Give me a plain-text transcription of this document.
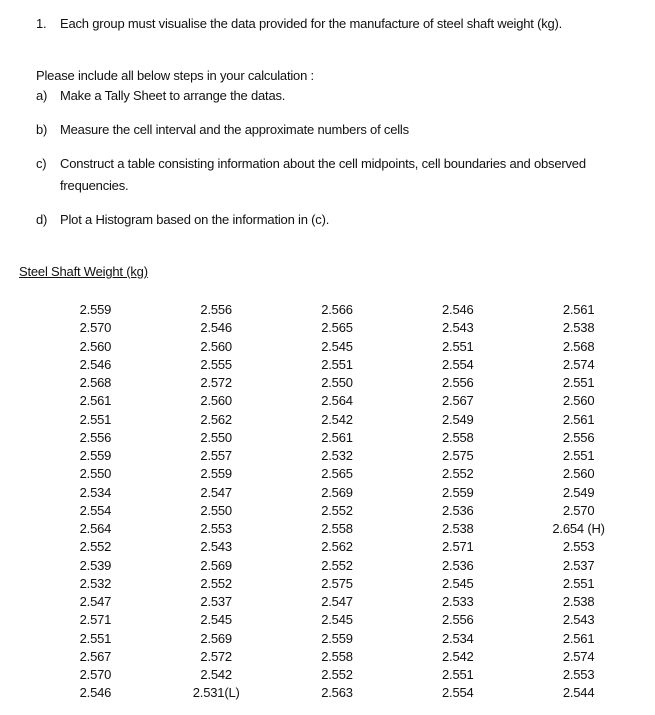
1. Each group must visualise the data provided for the manufacture of steel shaft weight (kg).
Please include all below steps in your calculation :
a) Make a Tally Sheet to arrange the datas.
b) Measure the cell interval and the approximate numbers of cells
c) Construct a table consisting information about the cell midpoints, cell boundaries and observed
frequencies.
d) Plot a Histogram based on the information in (c).
Steel Shaft Weight (kg)
2.559	2.556	2.566	2.546	2.561
2.570	2.546	2.565	2.543	2.538
2.560	2.560	2.545	2.551	2.568
2.546	2.555	2.551	2.554	2.574
2.568	2.572	2.550	2.556	2.551
2.561	2.560	2.564	2.567	2.560
2.551	2.562	2.542	2.549	2.561
2.556	2.550	2.561	2.558	2.556
2.559	2.557	2.532	2.575	2.551
2.550	2.559	2.565	2.552	2.560
2.534	2.547	2.569	2.559	2.549
2.554	2.550	2.552	2.536	2.570
2.564	2.553	2.558	2.538	2.654 (H)
2.552	2.543	2.562	2.571	2.553
2.539	2.569	2.552	2.536	2.537
2.532	2.552	2.575	2.545	2.551
2.547	2.537	2.547	2.533	2.538
2.571	2.545	2.545	2.556	2.543
2.551	2.569	2.559	2.534	2.561
2.567	2.572	2.558	2.542	2.574
2.570	2.542	2.552	2.551	2.553
2.546	2.531(L)	2.563	2.554	2.544
